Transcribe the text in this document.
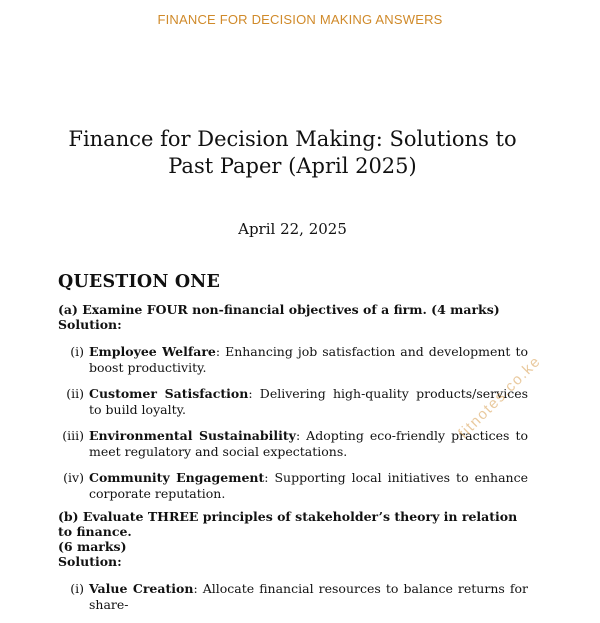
FINANCE FOR DECISION MAKING ANSWERS
Finance for Decision Making: Solutions to
Past Paper (April 2025)
April 22, 2025
QUESTION ONE
(a) Examine FOUR non-financial objectives of a firm. (4 marks)
Solution:
(i) Employee Welfare: Enhancing job satisfaction and development to boost productivity.
(ii) Customer Satisfaction: Delivering high-quality products/services to build loyalty.
(iii) Environmental Sustainability: Adopting eco-friendly practices to meet regulatory and social expectations.
(iv) Community Engagement: Supporting local initiatives to enhance corporate reputation.
(b) Evaluate THREE principles of stakeholder’s theory in relation to finance.
(6 marks)
Solution:
(i) Value Creation: Allocate financial resources to balance returns for share-
fitnotes.co.ke
